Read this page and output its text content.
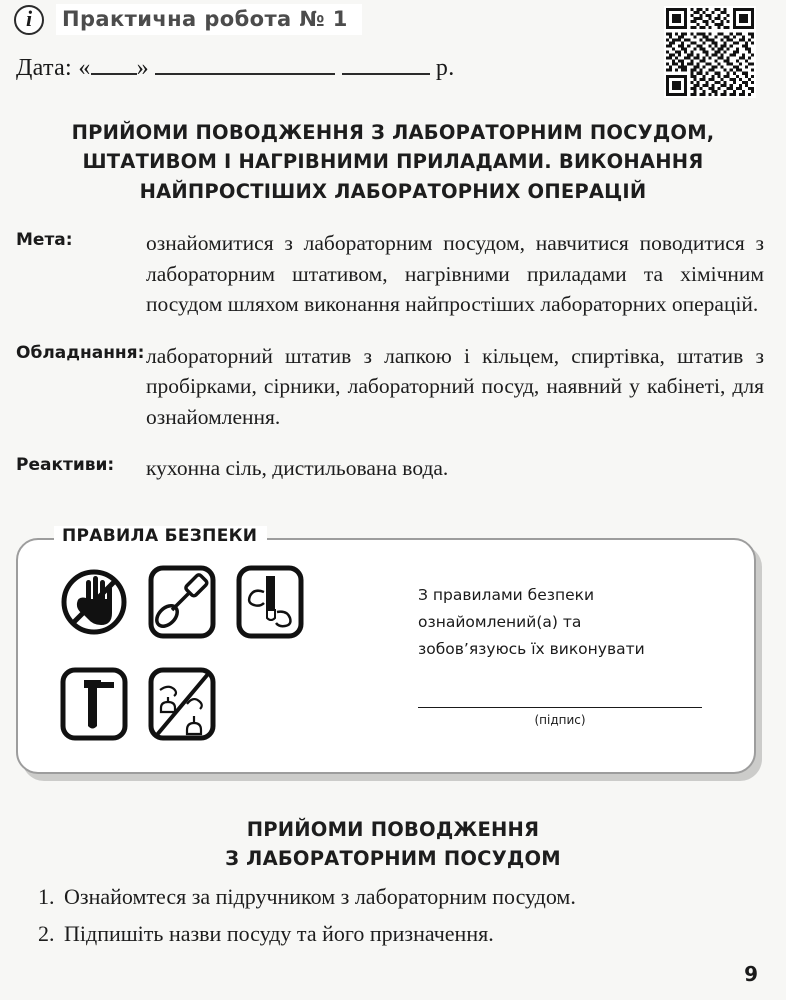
i Практична робота № 1
Дата: « »	р.
ПРИЙОМИ ПОВОДЖЕННЯ З ЛАБОРАТОРНИМ ПОСУДОМ,
ШТАТИВОМ І НАГРІВНИМИ ПРИЛАДАМИ. ВИКОНАННЯ
НАЙПРОСТІШИХ ЛАБОРАТОРНИХ ОПЕРАЦІЙ
Мета:	ознайомитися з лабораторним посудом, навчитися поводитися з лабораторним штативом, нагрівними приладами та хімічним посудом шляхом виконання найпростіших лабораторних операцій.
Обладнання: лабораторний штатив з лапкою і кільцем, спиртівка, штатив з пробірками, сірники, лабораторний посуд, наявний у кабінеті, для ознайомлення.
Реактиви:	кухонна сіль, дистильована вода.
ПРАВИЛА БЕЗПЕКИ
З правилами безпеки ознайомлений(а) та
зобов’язуюсь їх виконувати
(підпис)
ПРИЙОМИ ПОВОДЖЕННЯ
З ЛАБОРАТОРНИМ ПОСУДОМ
1. Ознайомтеся за підручником з лабораторним посудом.
2. Підпишіть назви посуду та його призначення.
9
